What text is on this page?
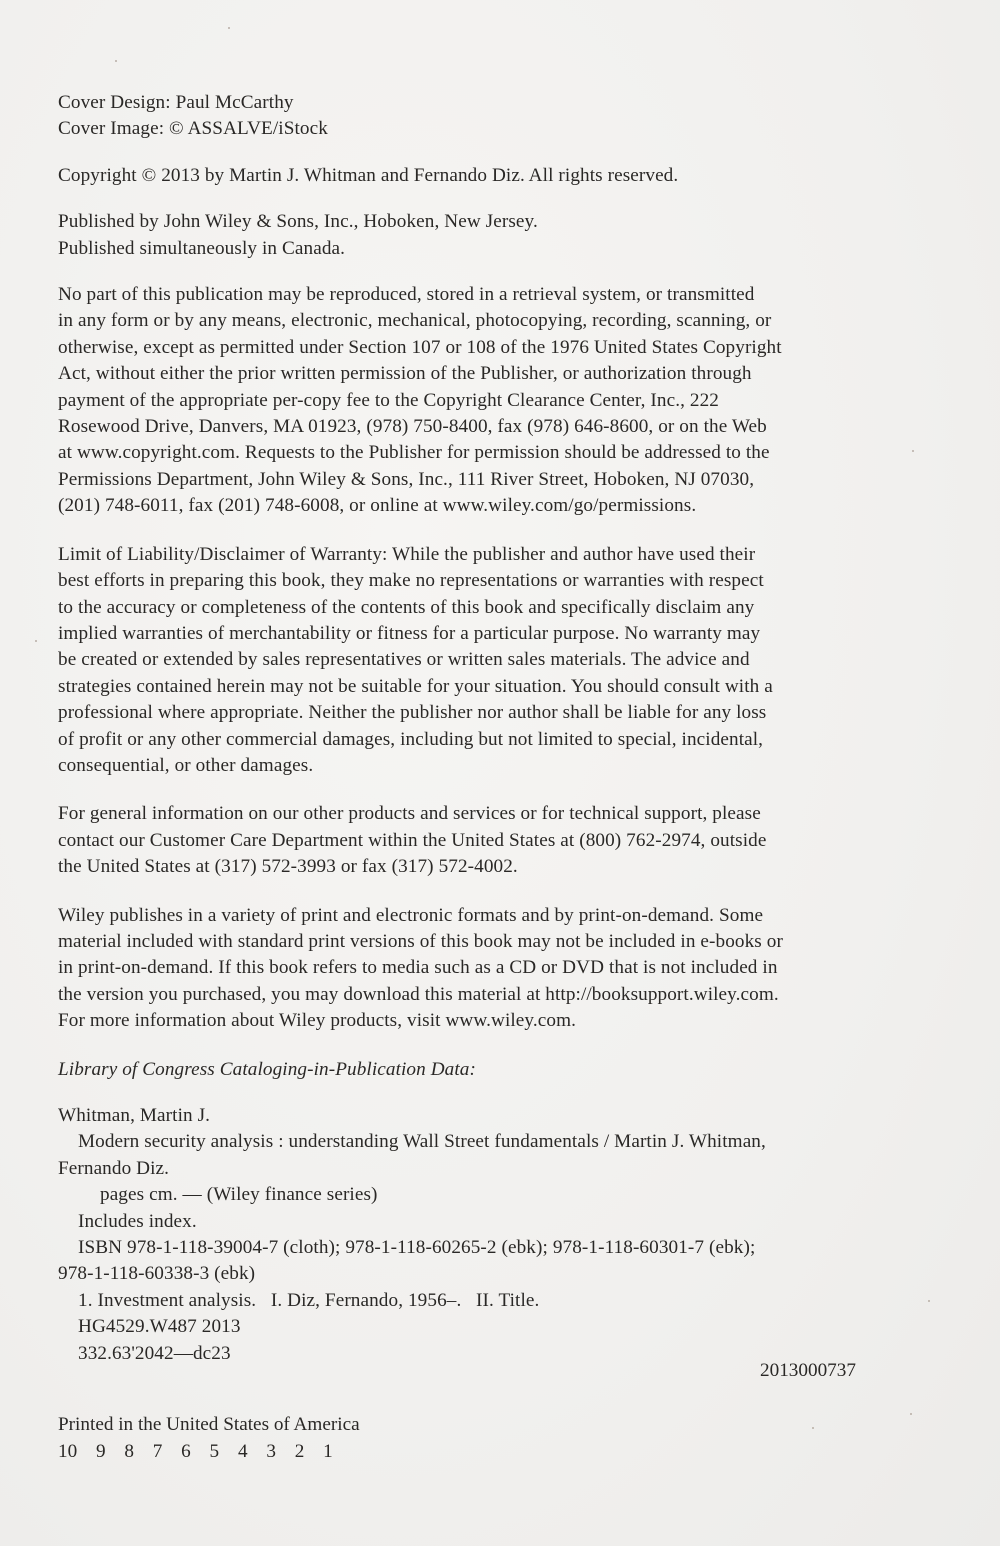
Cover Design: Paul McCarthy
Cover Image: © ASSALVE/iStock
Copyright © 2013 by Martin J. Whitman and Fernando Diz. All rights reserved.
Published by John Wiley & Sons, Inc., Hoboken, New Jersey.
Published simultaneously in Canada.
No part of this publication may be reproduced, stored in a retrieval system, or transmitted
in any form or by any means, electronic, mechanical, photocopying, recording, scanning, or
otherwise, except as permitted under Section 107 or 108 of the 1976 United States Copyright
Act, without either the prior written permission of the Publisher, or authorization through
payment of the appropriate per-copy fee to the Copyright Clearance Center, Inc., 222
Rosewood Drive, Danvers, MA 01923, (978) 750-8400, fax (978) 646-8600, or on the Web
at www.copyright.com. Requests to the Publisher for permission should be addressed to the
Permissions Department, John Wiley & Sons, Inc., 111 River Street, Hoboken, NJ 07030,
(201) 748-6011, fax (201) 748-6008, or online at www.wiley.com/go/permissions.
Limit of Liability/Disclaimer of Warranty: While the publisher and author have used their
best efforts in preparing this book, they make no representations or warranties with respect
to the accuracy or completeness of the contents of this book and specifically disclaim any
implied warranties of merchantability or fitness for a particular purpose. No warranty may
be created or extended by sales representatives or written sales materials. The advice and
strategies contained herein may not be suitable for your situation. You should consult with a
professional where appropriate. Neither the publisher nor author shall be liable for any loss
of profit or any other commercial damages, including but not limited to special, incidental,
consequential, or other damages.
For general information on our other products and services or for technical support, please
contact our Customer Care Department within the United States at (800) 762-2974, outside
the United States at (317) 572-3993 or fax (317) 572-4002.
Wiley publishes in a variety of print and electronic formats and by print-on-demand. Some
material included with standard print versions of this book may not be included in e-books or
in print-on-demand. If this book refers to media such as a CD or DVD that is not included in
the version you purchased, you may download this material at http://booksupport.wiley.com.
For more information about Wiley products, visit www.wiley.com.
Library of Congress Cataloging-in-Publication Data:
Whitman, Martin J.
Modern security analysis : understanding Wall Street fundamentals / Martin J. Whitman,
Fernando Diz.
pages cm. — (Wiley finance series)
Includes index.
ISBN 978-1-118-39004-7 (cloth); 978-1-118-60265-2 (ebk); 978-1-118-60301-7 (ebk);
978-1-118-60338-3 (ebk)
1. Investment analysis.   I. Diz, Fernando, 1956–.   II. Title.
HG4529.W487 2013
332.63'2042—dc23
2013000737
Printed in the United States of America
10 9 8 7 6 5 4 3 2 1
